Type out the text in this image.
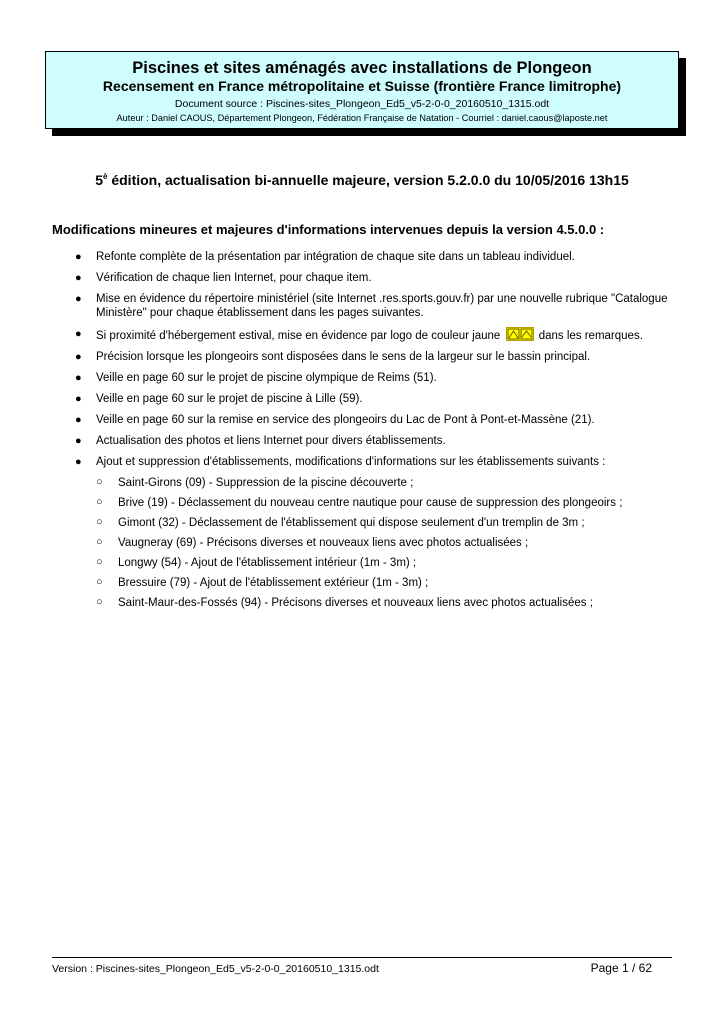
Piscines et sites aménagés avec installations de Plongeon
Recensement en France métropolitaine et Suisse (frontière France limitrophe)
Document source : Piscines-sites_Plongeon_Ed5_v5-2-0-0_20160510_1315.odt
Auteur : Daniel CAOUS, Département Plongeon, Fédération Française de Natation - Courriel : daniel.caous@laposte.net
$5^è$ édition, actualisation bi-annuelle majeure, version 5.2.0.0 du 10/05/2016 13h15
Modifications mineures et majeures d'informations intervenues depuis la version 4.5.0.0 :
● Refonte complète de la présentation par intégration de chaque site dans un tableau individuel.
● Vérification de chaque lien Internet, pour chaque item.
● Mise en évidence du répertoire ministériel (site Internet .res.sports.gouv.fr) par une nouvelle rubrique "Catalogue Ministère" pour chaque établissement dans les pages suivantes.
● Si proximité d'hébergement estival, mise en évidence par logo de couleur jaune	dans les remarques.
● Précision lorsque les plongeoirs sont disposées dans le sens de la largeur sur le bassin principal.
● Veille en page 60 sur le projet de piscine olympique de Reims (51).
● Veille en page 60 sur le projet de piscine à Lille (59).
● Veille en page 60 sur la remise en service des plongeoirs du Lac de Pont à Pont-et-Massène (21).
● Actualisation des photos et liens Internet pour divers établissements.
● Ajout et suppression d'établissements, modifications d'informations sur les établissements suivants :
○ Saint-Girons (09) - Suppression de la piscine découverte ;
○ Brive (19) - Déclassement du nouveau centre nautique pour cause de suppression des plongeoirs ;
○ Gimont (32) - Déclassement de l'établissement qui dispose seulement d'un tremplin de 3m ;
○ Vaugneray (69) - Précisons diverses et nouveaux liens avec photos actualisées ;
○ Longwy (54) - Ajout de l'établissement intérieur (1m - 3m) ;
○ Bressuire (79) - Ajout de l'établissement extérieur (1m - 3m) ;
○ Saint-Maur-des-Fossés (94) - Précisons diverses et nouveaux liens avec photos actualisées ;
Version : Piscines-sites_Plongeon_Ed5_v5-2-0-0_20160510_1315.odt	Page 1 / 62
